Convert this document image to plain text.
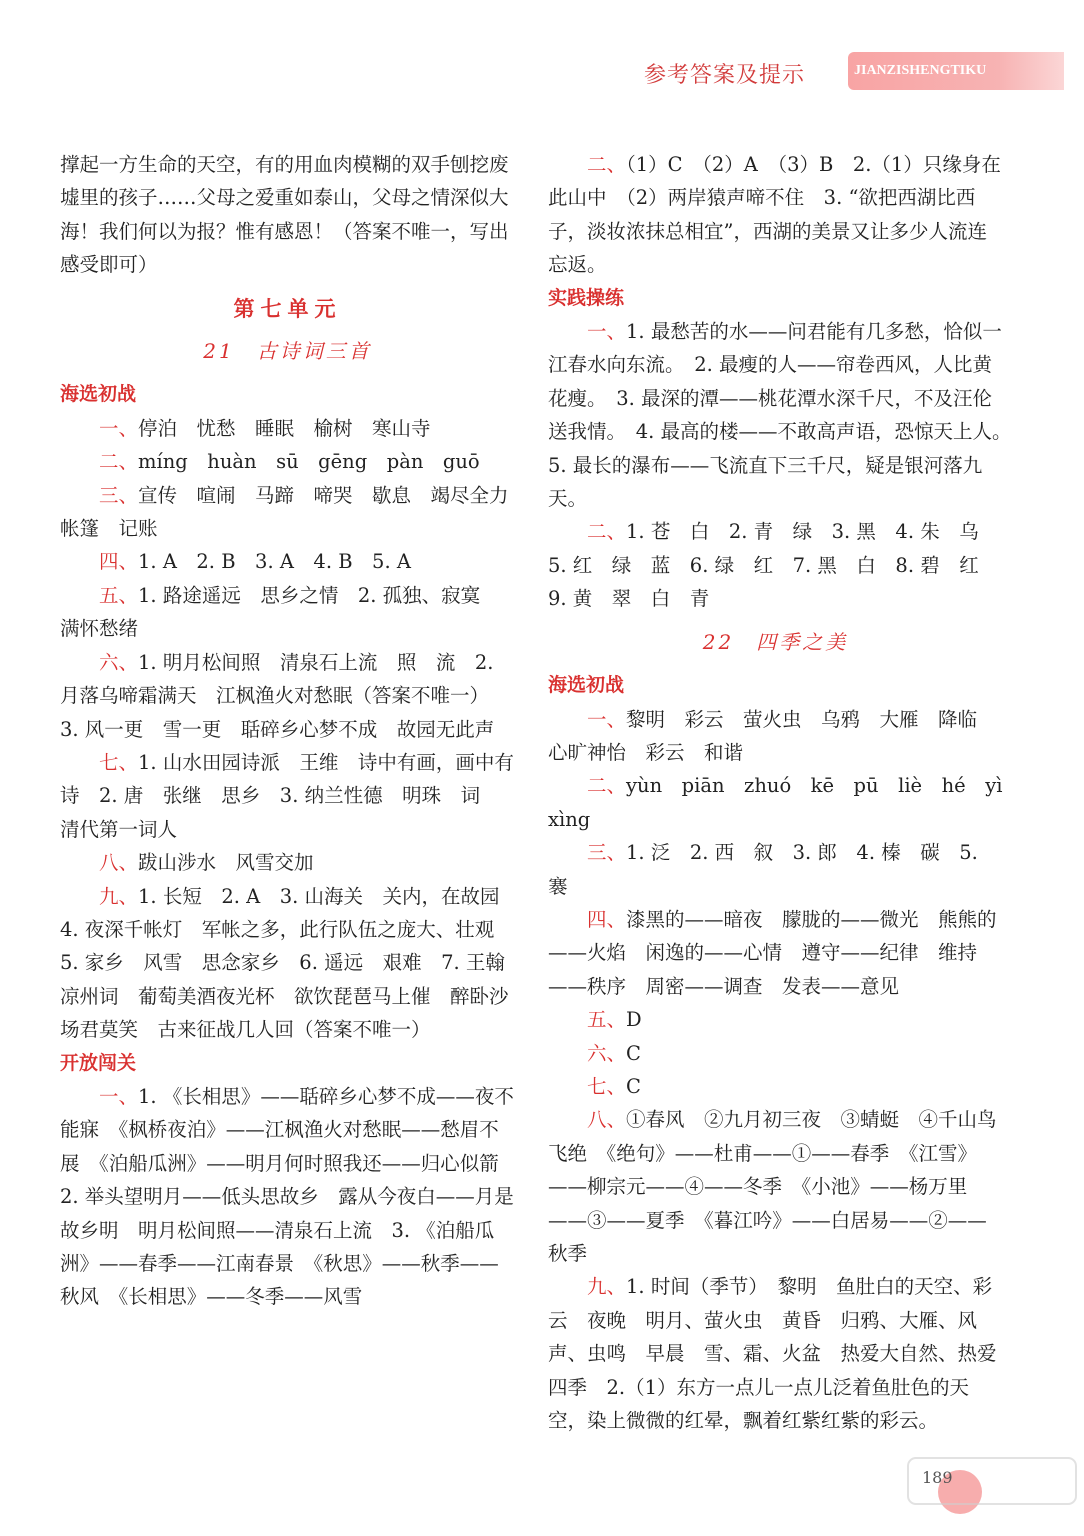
参考答案及提示	JIANZISHENGTIKU

撑起一方生命的天空，有的用血肉模糊的双手刨挖废墟里的孩子……父母之爱重如泰山，父母之情深似大海！我们何以为报？惟有感恩！（答案不唯一，写出感受即可）

第七单元

21 古诗词三首

海选初战

一、停泊　忧愁　睡眠　榆树　寒山寺

二、míng　huàn　sū　gēng　pàn　guō

三、宣传　喧闹　马蹄　啼哭　歇息　竭尽全力　帐篷　记账

四、1. A　2. B　3. A　4. B　5. A

五、1. 路途遥远　思乡之情　2. 孤独、寂寞　满怀愁绪

六、1. 明月松间照　清泉石上流　照　流　2. 月落乌啼霜满天　江枫渔火对愁眠（答案不唯一）　3. 风一更　雪一更　聒碎乡心梦不成　故园无此声

七、1. 山水田园诗派　王维　诗中有画，画中有诗　2. 唐　张继　思乡　3. 纳兰性德　明珠　词　清代第一词人

八、跋山涉水　风雪交加

九、1. 长短　2. A　3. 山海关　关内，在故园　4. 夜深千帐灯　军帐之多，此行队伍之庞大、壮观　5. 家乡　风雪　思念家乡　6. 遥远　艰难　7. 王翰　凉州词　葡萄美酒夜光杯　欲饮琵琶马上催　醉卧沙场君莫笑　古来征战几人回（答案不唯一）

开放闯关

一、1. 《长相思》——聒碎乡心梦不成——夜不能寐　《枫桥夜泊》——江枫渔火对愁眠——愁眉不展　《泊船瓜洲》——明月何时照我还——归心似箭　2. 举头望明月——低头思故乡　露从今夜白——月是故乡明　明月松间照——清泉石上流　3. 《泊船瓜洲》——春季——江南春景　《秋思》——秋季——秋风　《长相思》——冬季——风雪

二、（1）C　（2）A　（3）B　2.（1）只缘身在此山中　（2）两岸猿声啼不住　3. “欲把西湖比西子，淡妆浓抹总相宜”，西湖的美景又让多少人流连忘返。

实践操练

一、1. 最愁苦的水——问君能有几多愁，恰似一江春水向东流。　2. 最瘦的人——帘卷西风，人比黄花瘦。　3. 最深的潭——桃花潭水深千尺，不及汪伦送我情。　4. 最高的楼——不敢高声语，恐惊天上人。　5. 最长的瀑布——飞流直下三千尺，疑是银河落九天。

二、1. 苍　白　2. 青　绿　3. 黑　4. 朱　乌　5. 红　绿　蓝　6. 绿　红　7. 黑　白　8. 碧　红　9. 黄　翠　白　青

22 四季之美

海选初战

一、黎明　彩云　萤火虫　乌鸦　大雁　降临　心旷神怡　彩云　和谐

二、yùn　piān　zhuó　kē　pū　liè　hé　yì　xìng

三、1. 泛　2. 西　叙　3. 郎　4. 榛　碳　5. 褰

四、漆黑的——暗夜　朦胧的——微光　熊熊的——火焰　闲逸的——心情　遵守——纪律　维持——秩序　周密——调查　发表——意见

五、D

六、C

七、C

八、①春风　②九月初三夜　③蜻蜓　④千山鸟飞绝　《绝句》——杜甫——①——春季　《江雪》——柳宗元——④——冬季　《小池》——杨万里——③——夏季　《暮江吟》——白居易——②——秋季

九、1. 时间（季节）　黎明　鱼肚白的天空、彩云　夜晚　明月、萤火虫　黄昏　归鸦、大雁、风声、虫鸣　早晨　雪、霜、火盆　热爱大自然、热爱四季　2.（1）东方一点儿一点儿泛着鱼肚色的天空，染上微微的红晕，飘着红紫红紫的彩云。

189
